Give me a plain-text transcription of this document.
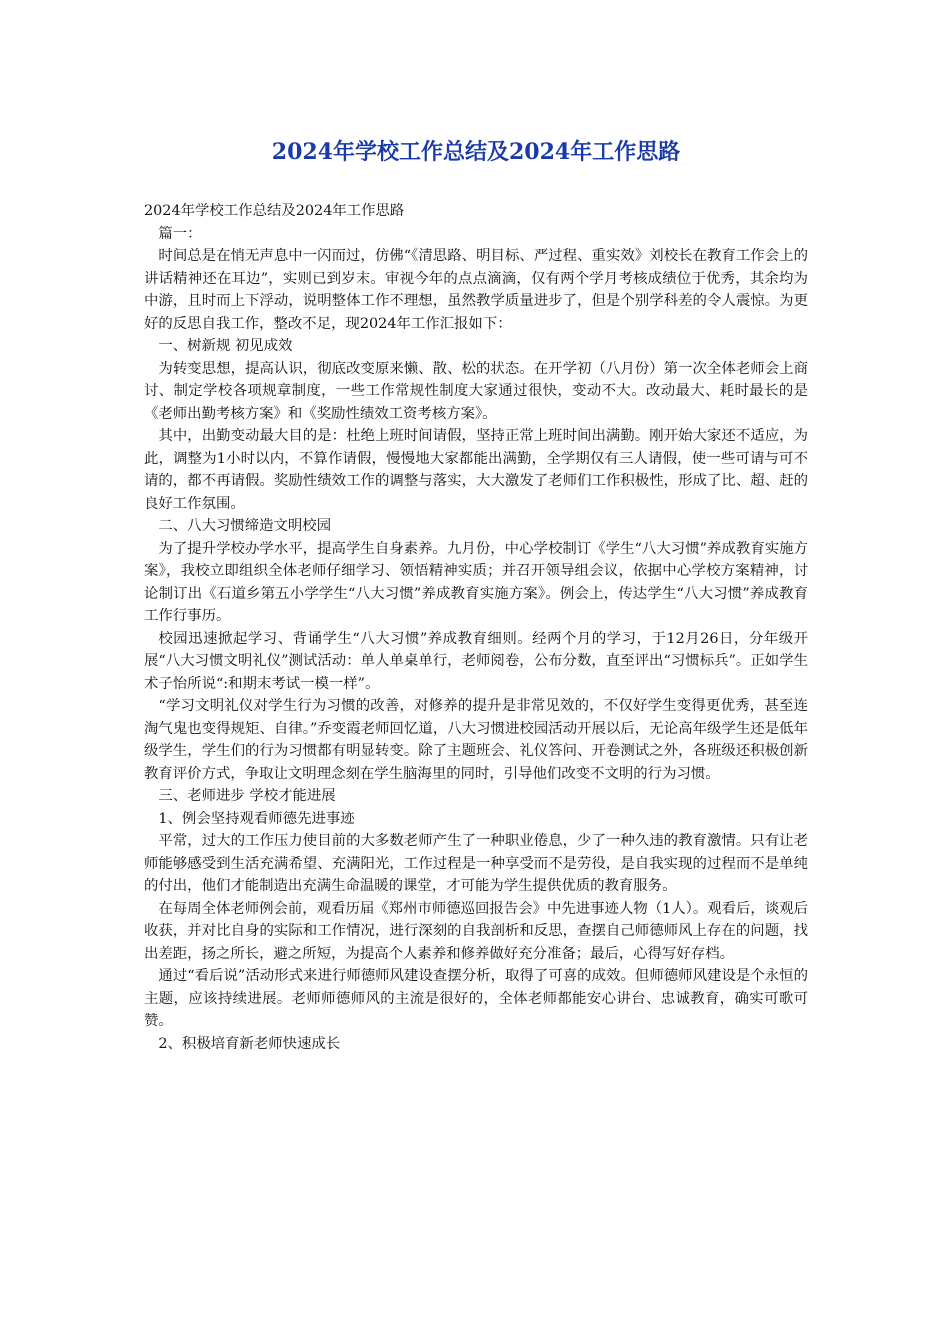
2024年学校工作总结及2024年工作思路

2024年学校工作总结及2024年工作思路

篇一：

时间总是在悄无声息中一闪而过，仿佛“《清思路、明目标、严过程、重实效》刘校长在教育工作会上的讲话精神还在耳边”，实则已到岁末。审视今年的点点滴滴，仅有两个学月考核成绩位于优秀，其余均为中游，且时而上下浮动，说明整体工作不理想，虽然教学质量进步了，但是个别学科差的令人震惊。为更好的反思自我工作，整改不足，现2024年工作汇报如下：

一、树新规 初见成效

为转变思想，提高认识，彻底改变原来懒、散、松的状态。在开学初（八月份）第一次全体老师会上商讨、制定学校各项规章制度，一些工作常规性制度大家通过很快，变动不大。改动最大、耗时最长的是《老师出勤考核方案》和《奖励性绩效工资考核方案》。

其中，出勤变动最大目的是：杜绝上班时间请假，坚持正常上班时间出满勤。刚开始大家还不适应，为此，调整为1小时以内，不算作请假，慢慢地大家都能出满勤，全学期仅有三人请假，使一些可请与可不请的，都不再请假。奖励性绩效工作的调整与落实，大大激发了老师们工作积极性，形成了比、超、赶的良好工作氛围。

二、八大习惯缔造文明校园

为了提升学校办学水平，提高学生自身素养。九月份，中心学校制订《学生“八大习惯”养成教育实施方案》，我校立即组织全体老师仔细学习、领悟精神实质；并召开领导组会议，依据中心学校方案精神，讨论制订出《石道乡第五小学学生“八大习惯”养成教育实施方案》。例会上，传达学生“八大习惯”养成教育工作行事历。

校园迅速掀起学习、背诵学生“八大习惯”养成教育细则。经两个月的学习，于12月26日，分年级开展“八大习惯文明礼仪”测试活动：单人单桌单行，老师阅卷，公布分数，直至评出“习惯标兵”。正如学生术子怡所说“:和期末考试一模一样”。

“学习文明礼仪对学生行为习惯的改善，对修养的提升是非常见效的，不仅好学生变得更优秀，甚至连淘气鬼也变得规矩、自律。”乔变霞老师回忆道，八大习惯进校园活动开展以后，无论高年级学生还是低年级学生，学生们的行为习惯都有明显转变。除了主题班会、礼仪答问、开卷测试之外，各班级还积极创新教育评价方式，争取让文明理念刻在学生脑海里的同时，引导他们改变不文明的行为习惯。

三、老师进步 学校才能进展

1、例会坚持观看师德先进事迹

平常，过大的工作压力使目前的大多数老师产生了一种职业倦息，少了一种久违的教育激情。只有让老师能够感受到生活充满希望、充满阳光，工作过程是一种享受而不是劳役，是自我实现的过程而不是单纯的付出，他们才能制造出充满生命温暖的课堂，才可能为学生提供优质的教育服务。

在每周全体老师例会前，观看历届《郑州市师德巡回报告会》中先进事迹人物（1人）。观看后，谈观后收获，并对比自身的实际和工作情况，进行深刻的自我剖析和反思，查摆自己师德师风上存在的问题，找出差距，扬之所长，避之所短，为提高个人素养和修养做好充分准备；最后，心得写好存档。

通过“看后说”活动形式来进行师德师风建设查摆分析，取得了可喜的成效。但师德师风建设是个永恒的主题，应该持续进展。老师师德师风的主流是很好的，全体老师都能安心讲台、忠诚教育，确实可歌可赞。

2、积极培育新老师快速成长
